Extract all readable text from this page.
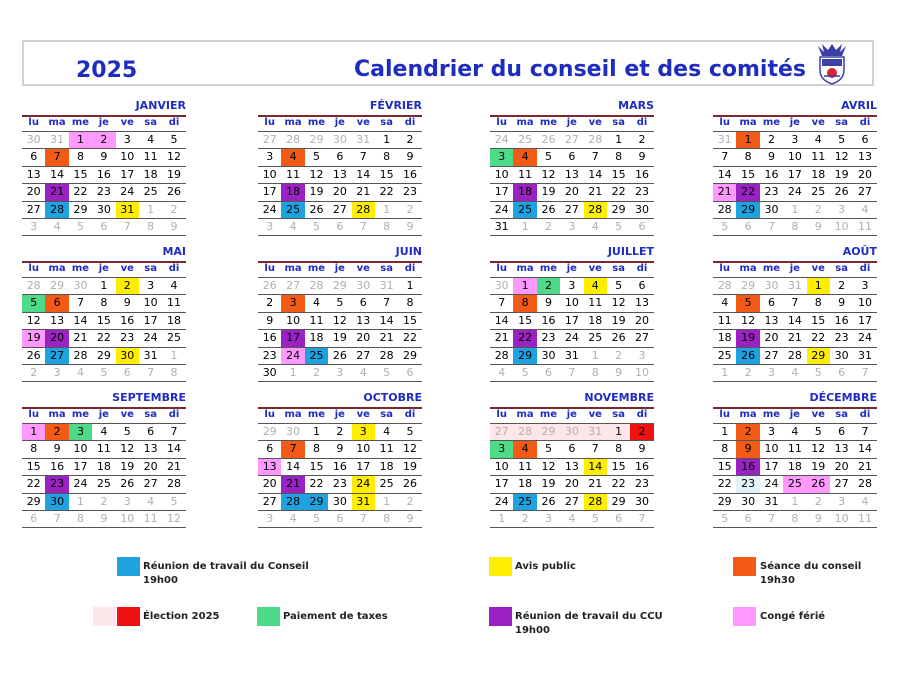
2025	Calendrier du conseil et des comités
JANVIER
lu ma me je	ve	sa	di
30 31	1	2	3	4	5
6	7	8	9	10 11 12
13 14 15 16 17 18 19
20 21 22 23 24 25 26
27 28 29 30 31	1	2
3	4	5	6	7	8	9
FÉVRIER
lu ma me je	ve	sa	di
27 28 29 30 31	1	2
3	4	5	6	7	8	9
10 11 12 13 14 15 16
17 18 19 20 21 22 23
24 25 26 27 28	1	2
3	4	5	6	7	8	9
MARS
lu ma me je	ve	sa	di
24 25 26 27 28	1	2
3	4	5	6	7	8	9
10 11 12 13 14 15 16
17 18 19 20 21 22 23
24 25 26 27 28 29 30
31	1	2	3	4	5	6
AVRIL
lu ma me je	ve	sa	di
31	1	2	3	4	5	6
7	8	9	10 11 12 13
14 15 16 17 18 19 20
21 22 23 24 25 26 27
28 29 30	1	2	3	4
5	6	7	8	9	10 11
MAI
lu ma me je	ve	sa	di
28 29 30	1	2	3	4
5	6	7	8	9	10 11
12 13 14 15 16 17 18
19 20 21 22 23 24 25
26 27 28 29 30 31	1
2	3	4	5	6	7	8
JUIN
lu ma me je	ve	sa	di
26 27 28 29 30 31	1
2	3	4	5	6	7	8
9	10 11 12 13 14 15
16 17 18 19 20 21 22
23 24 25 26 27 28 29
30	1	2	3	4	5	6
JUILLET
lu ma me je	ve	sa	di
30	1	2	3	4	5	6
7	8	9	10 11 12 13
14 15 16 17 18 19 20
21 22 23 24 25 26 27
28 29 30 31	1	2	3
4	5	6	7	8	9	10
AOÛT
lu ma me je	ve	sa	di
28 29 30 31	1	2	3
4	5	6	7	8	9	10
11 12 13 14 15 16 17
18 19 20 21 22 23 24
25 26 27 28 29 30 31
1	2	3	4	5	6	7
SEPTEMBRE
lu ma me je	ve	sa	di
1	2	3	4	5	6	7
8	9	10 11 12 13 14
15 16 17 18 19 20 21
22 23 24 25 26 27 28
29 30	1	2	3	4	5
6	7	8	9	10 11 12
OCTOBRE
lu ma me je	ve	sa	di
29 30	1	2	3	4	5
6	7	8	9	10 11 12
13 14 15 16 17 18 19
20 21 22 23 24 25 26
27 28 29 30 31	1	2
3	4	5	6	7	8	9
NOVEMBRE
lu ma me je	ve	sa	di
27 28 29 30 31	1	2
3	4	5	6	7	8	9
10 11 12 13 14 15 16
17 18 19 20 21 22 23
24 25 26 27 28 29 30
1	2	3	4	5	6	7
DÉCEMBRE
lu ma me je	ve	sa	di
1	2	3	4	5	6	7
8	9	10 11 12 13 14
15 16 17 18 19 20 21
22 23 24 25 26 27 28
29 30 31	1	2	3	4
5	6	7	8	9	10 11
Réunion de travail du Conseil
19h00
Avis public	Séance du conseil
19h30
Élection 2025	Paiement de taxes	Réunion de travail du CCU
19h00
Congé férié
